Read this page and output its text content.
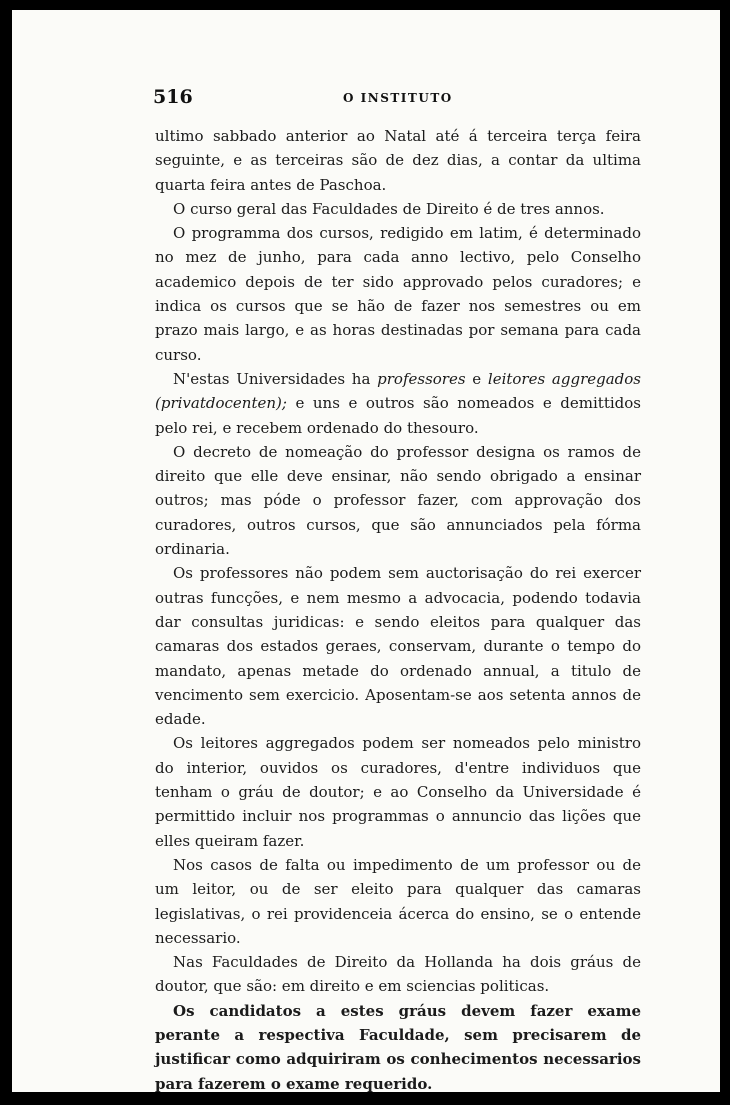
516	O INSTITUTO

ultimo sabbado anterior ao Natal até á terceira terça feira seguinte, e as terceiras são de dez dias, a contar da ultima quarta feira antes de Paschoa.

O curso geral das Faculdades de Direito é de tres annos.

O programma dos cursos, redigido em latim, é determinado no mez de junho, para cada anno lectivo, pelo Conselho academico depois de ter sido approvado pelos curadores; e indica os cursos que se hão de fazer nos semestres ou em prazo mais largo, e as horas destinadas por semana para cada curso.

N'estas Universidades ha professores e leitores aggregados (privatdocenten); e uns e outros são nomeados e demittidos pelo rei, e recebem ordenado do thesouro.

O decreto de nomeação do professor designa os ramos de direito que elle deve ensinar, não sendo obrigado a ensinar outros; mas póde o professor fazer, com approvação dos curadores, outros cursos, que são annunciados pela fórma ordinaria.

Os professores não podem sem auctorisação do rei exercer outras funcções, e nem mesmo a advocacia, podendo todavia dar consultas juridicas: e sendo eleitos para qualquer das camaras dos estados geraes, conservam, durante o tempo do mandato, apenas metade do ordenado annual, a titulo de vencimento sem exercicio. Aposentam-se aos setenta annos de edade.

Os leitores aggregados podem ser nomeados pelo ministro do interior, ouvidos os curadores, d'entre individuos que tenham o gráu de doutor; e ao Conselho da Universidade é permittido incluir nos programmas o annuncio das lições que elles queiram fazer.

Nos casos de falta ou impedimento de um professor ou de um leitor, ou de ser eleito para qualquer das camaras legislativas, o rei providenceia ácerca do ensino, se o entende necessario.

Nas Faculdades de Direito da Hollanda ha dois gráus de doutor, que são: em direito e em sciencias politicas.

Os candidatos a estes gráus devem fazer exame perante a respectiva Faculdade, sem precisarem de justificar como adquiriram os conhecimentos necessarios para fazerem o exame requerido.
